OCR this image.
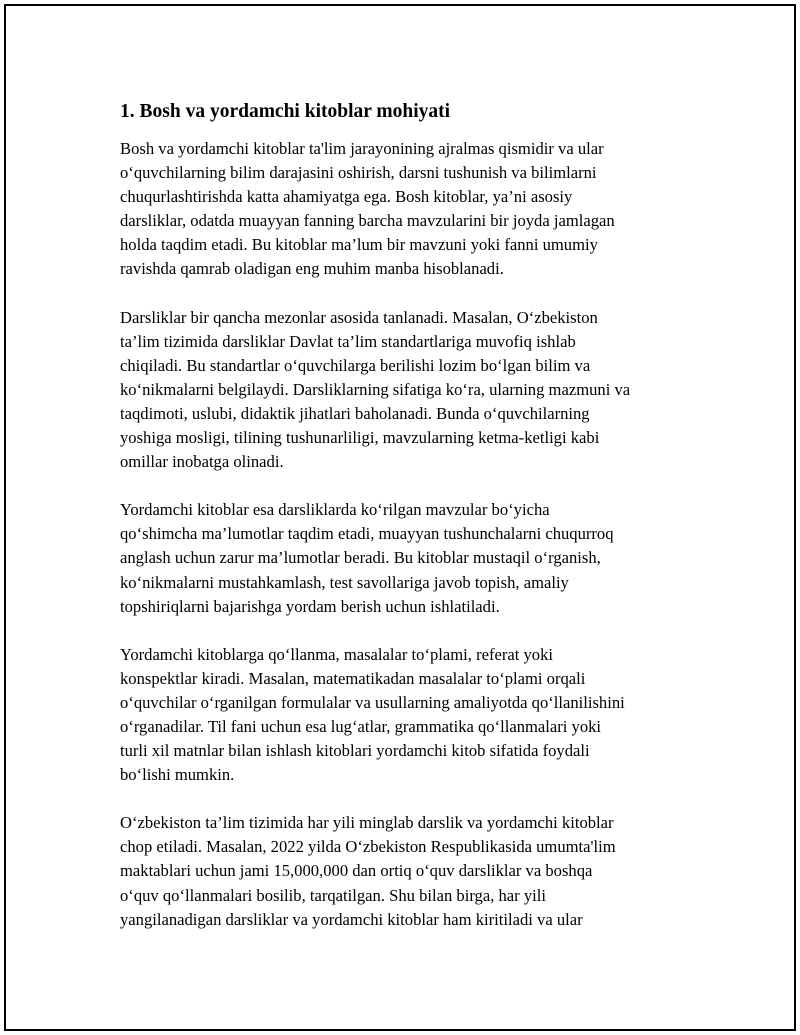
1. Bosh va yordamchi kitoblar mohiyati

Bosh va yordamchi kitoblar ta'lim jarayonining ajralmas qismidir va ular
o‘quvchilarning bilim darajasini oshirish, darsni tushunish va bilimlarni
chuqurlashtirishda katta ahamiyatga ega. Bosh kitoblar, ya’ni asosiy
darsliklar, odatda muayyan fanning barcha mavzularini bir joyda jamlagan
holda taqdim etadi. Bu kitoblar ma’lum bir mavzuni yoki fanni umumiy
ravishda qamrab oladigan eng muhim manba hisoblanadi.

Darsliklar bir qancha mezonlar asosida tanlanadi. Masalan, O‘zbekiston
ta’lim tizimida darsliklar Davlat ta’lim standartlariga muvofiq ishlab
chiqiladi. Bu standartlar o‘quvchilarga berilishi lozim bo‘lgan bilim va
ko‘nikmalarni belgilaydi. Darsliklarning sifatiga ko‘ra, ularning mazmuni va
taqdimoti, uslubi, didaktik jihatlari baholanadi. Bunda o‘quvchilarning
yoshiga mosligi, tilining tushunarliligi, mavzularning ketma-ketligi kabi
omillar inobatga olinadi.

Yordamchi kitoblar esa darsliklarda ko‘rilgan mavzular bo‘yicha
qo‘shimcha ma’lumotlar taqdim etadi, muayyan tushunchalarni chuqurroq
anglash uchun zarur ma’lumotlar beradi. Bu kitoblar mustaqil o‘rganish,
ko‘nikmalarni mustahkamlash, test savollariga javob topish, amaliy
topshiriqlarni bajarishga yordam berish uchun ishlatiladi.

Yordamchi kitoblarga qo‘llanma, masalalar to‘plami, referat yoki
konspektlar kiradi. Masalan, matematikadan masalalar to‘plami orqali
o‘quvchilar o‘rganilgan formulalar va usullarning amaliyotda qo‘llanilishini
o‘rganadilar. Til fani uchun esa lug‘atlar, grammatika qo‘llanmalari yoki
turli xil matnlar bilan ishlash kitoblari yordamchi kitob sifatida foydali
bo‘lishi mumkin.

O‘zbekiston ta’lim tizimida har yili minglab darslik va yordamchi kitoblar
chop etiladi. Masalan, 2022 yilda O‘zbekiston Respublikasida umumta'lim
maktablari uchun jami 15,000,000 dan ortiq o‘quv darsliklar va boshqa
o‘quv qo‘llanmalari bosilib, tarqatilgan. Shu bilan birga, har yili
yangilanadigan darsliklar va yordamchi kitoblar ham kiritiladi va ular
